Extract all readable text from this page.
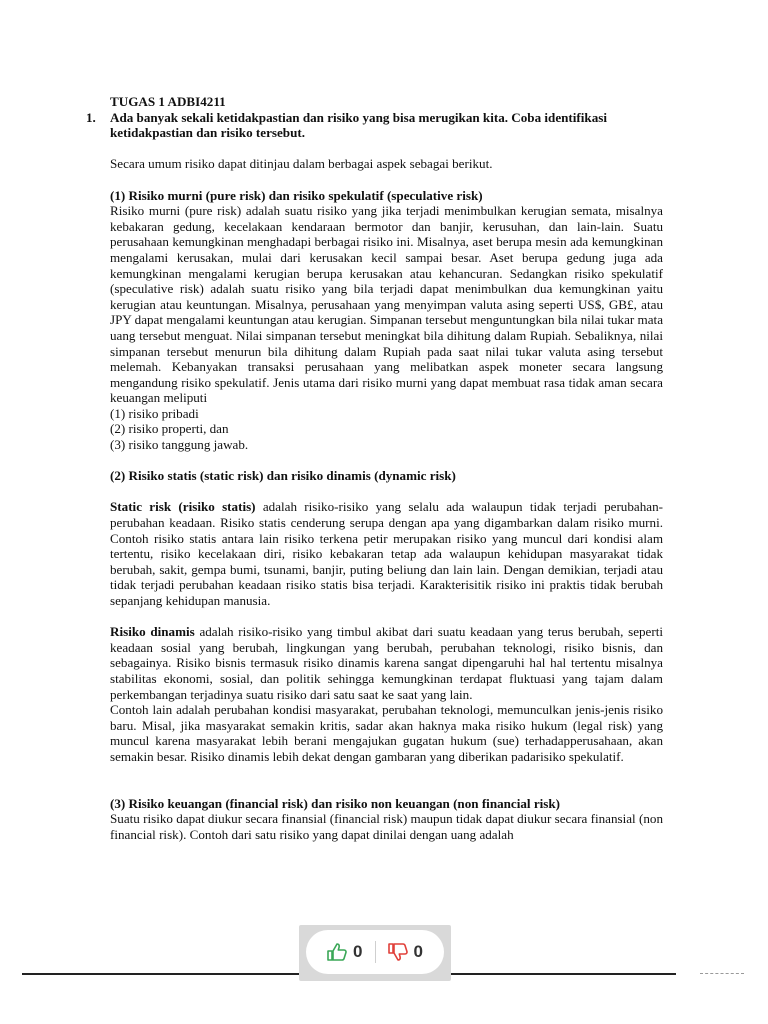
TUGAS 1 ADBI4211

1.	Ada banyak sekali ketidakpastian dan risiko yang bisa merugikan kita. Coba identifikasi ketidakpastian dan risiko tersebut.

Secara umum risiko dapat ditinjau dalam berbagai aspek sebagai berikut.

(1) Risiko murni (pure risk) dan risiko spekulatif (speculative risk)

Risiko murni (pure risk) adalah suatu risiko yang jika terjadi menimbulkan kerugian semata, misalnya kebakaran gedung, kecelakaan kendaraan bermotor dan banjir, kerusuhan, dan lain-lain. Suatu perusahaan kemungkinan menghadapi berbagai risiko ini. Misalnya, aset berupa mesin ada kemungkinan mengalami kerusakan, mulai dari kerusakan kecil sampai besar. Aset berupa gedung juga ada kemungkinan mengalami kerugian berupa kerusakan atau kehancuran. Sedangkan risiko spekulatif (speculative risk) adalah suatu risiko yang bila terjadi dapat menimbulkan dua kemungkinan yaitu kerugian atau keuntungan. Misalnya, perusahaan yang menyimpan valuta asing seperti US$, GB£, atau JPY dapat mengalami keuntungan atau kerugian. Simpanan tersebut menguntungkan bila nilai tukar mata uang tersebut menguat. Nilai simpanan tersebut meningkat bila dihitung dalam Rupiah. Sebaliknya, nilai simpanan tersebut menurun bila dihitung dalam Rupiah pada saat nilai tukar valuta asing tersebut melemah. Kebanyakan transaksi perusahaan yang melibatkan aspek moneter secara langsung mengandung risiko spekulatif. Jenis utama dari risiko murni yang dapat membuat rasa tidak aman secara keuangan meliputi

(1) risiko pribadi

(2) risiko properti, dan

(3) risiko tanggung jawab.

(2) Risiko statis (static risk) dan risiko dinamis (dynamic risk)

Static risk (risiko statis) adalah risiko-risiko yang selalu ada walaupun tidak terjadi perubahan-perubahan keadaan. Risiko statis cenderung serupa dengan apa yang digambarkan dalam risiko murni. Contoh risiko statis antara lain risiko terkena petir merupakan risiko yang muncul dari kondisi alam tertentu, risiko kecelakaan diri, risiko kebakaran tetap ada walaupun kehidupan masyarakat tidak berubah, sakit, gempa bumi, tsunami, banjir, puting beliung dan lain lain. Dengan demikian, terjadi atau tidak terjadi perubahan keadaan risiko statis bisa terjadi. Karakterisitik risiko ini praktis tidak berubah sepanjang kehidupan manusia.

Risiko dinamis adalah risiko-risiko yang timbul akibat dari suatu keadaan yang terus berubah, seperti keadaan sosial yang berubah, lingkungan yang berubah, perubahan teknologi, risiko bisnis, dan sebagainya. Risiko bisnis termasuk risiko dinamis karena sangat dipengaruhi hal hal tertentu misalnya stabilitas ekonomi, sosial, dan politik sehingga kemungkinan terdapat fluktuasi yang tajam dalam perkembangan terjadinya suatu risiko dari satu saat ke saat yang lain.

Contoh lain adalah perubahan kondisi masyarakat, perubahan teknologi, memunculkan jenis-jenis risiko baru. Misal, jika masyarakat semakin kritis, sadar akan haknya maka risiko hukum (legal risk) yang muncul karena masyarakat lebih berani mengajukan gugatan hukum (sue) terhadapperusahaan, akan semakin besar. Risiko dinamis lebih dekat dengan gambaran yang diberikan padarisiko spekulatif.

(3) Risiko keuangan (financial risk) dan risiko non keuangan (non financial risk)

Suatu risiko dapat diukur secara finansial (financial risk) maupun tidak dapat diukur secara finansial (non financial risk). Contoh dari satu risiko yang dapat dinilai dengan uang adalah

0	0
